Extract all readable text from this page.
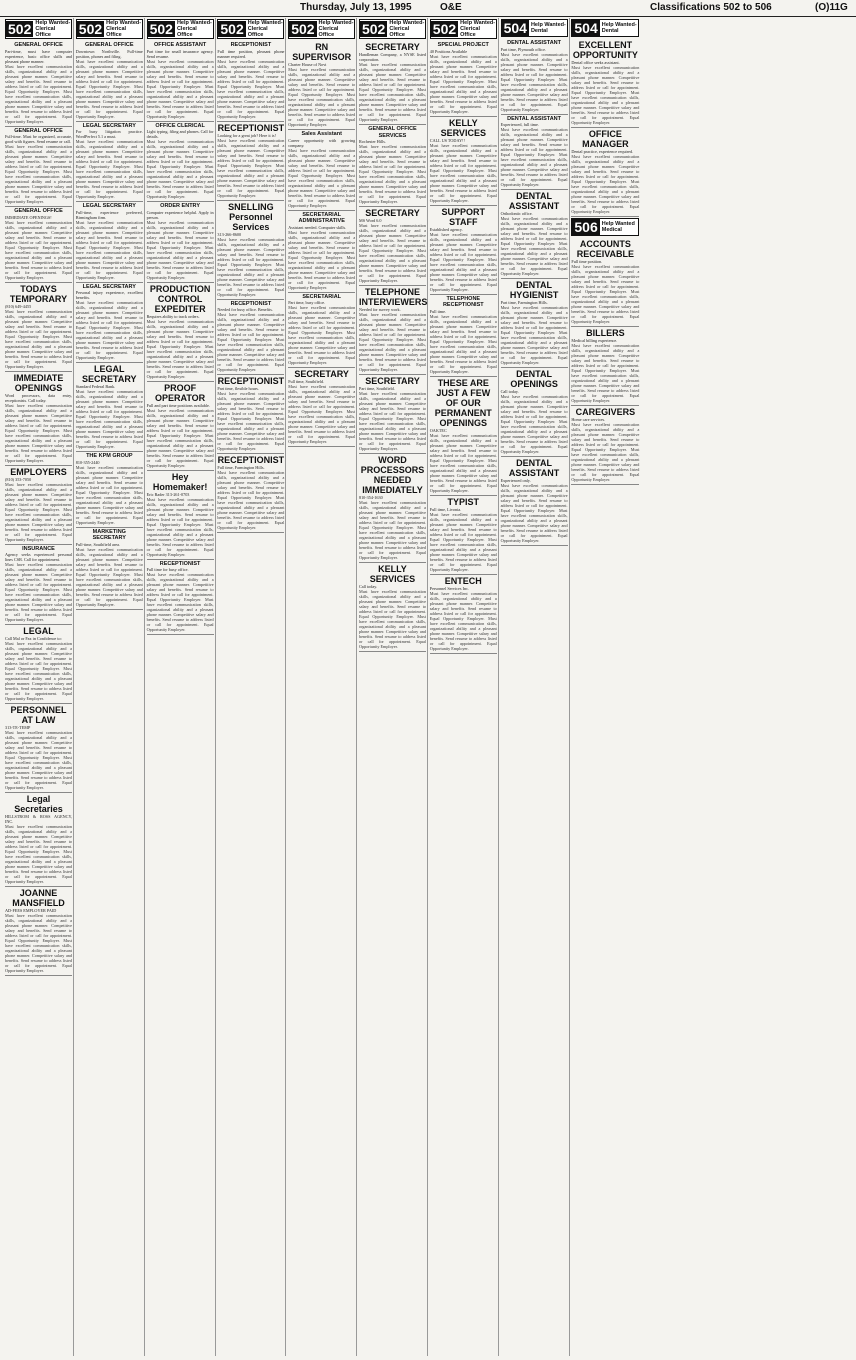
Thursday, July 13, 1995	O&E	Classifications 502 to 506	(O)11G
502 Help Wanted-Clerical Office
GENERAL OFFICE
Part-time, must have computer experience, basic office skills and pleasant phone manner.
Must have excellent communication skills, organizational ability and a pleasant phone manner. Competitive salary and benefits. Send resume to address listed or call for appointment. Equal Opportunity Employer. Must have excellent communication skills, organizational ability and a pleasant phone manner. Competitive salary and benefits. Send resume to address listed or call for appointment. Equal Opportunity Employer.
GENERAL OFFICE
Full-time. Must be organized, accurate, good with figures. Send resume or call.
Must have excellent communication skills, organizational ability and a pleasant phone manner. Competitive salary and benefits. Send resume to address listed or call for appointment. Equal Opportunity Employer. Must have excellent communication skills, organizational ability and a pleasant phone manner. Competitive salary and benefits. Send resume to address listed or call for appointment. Equal Opportunity Employer.
GENERAL OFFICE
IMMEDIATE OPENINGS!
Must have excellent communication skills, organizational ability and a pleasant phone manner. Competitive salary and benefits. Send resume to address listed or call for appointment. Equal Opportunity Employer. Must have excellent communication skills, organizational ability and a pleasant phone manner. Competitive salary and benefits. Send resume to address listed or call for appointment. Equal Opportunity Employer.
TODAYS TEMPORARY
(810) 649-4455
Must have excellent communication skills, organizational ability and a pleasant phone manner. Competitive salary and benefits. Send resume to address listed or call for appointment. Equal Opportunity Employer. Must have excellent communication skills, organizational ability and a pleasant phone manner. Competitive salary and benefits. Send resume to address listed or call for appointment. Equal Opportunity Employer.
IMMEDIATE OPENINGS
Word processors, data entry, receptionists. Call today.
Must have excellent communication skills, organizational ability and a pleasant phone manner. Competitive salary and benefits. Send resume to address listed or call for appointment. Equal Opportunity Employer. Must have excellent communication skills, organizational ability and a pleasant phone manner. Competitive salary and benefits. Send resume to address listed or call for appointment. Equal Opportunity Employer.
EMPLOYERS
(810) 353-7050
Must have excellent communication skills, organizational ability and a pleasant phone manner. Competitive salary and benefits. Send resume to address listed or call for appointment. Equal Opportunity Employer. Must have excellent communication skills, organizational ability and a pleasant phone manner. Competitive salary and benefits. Send resume to address listed or call for appointment. Equal Opportunity Employer.
INSURANCE
Agency seeks experienced personal lines CSR. Call for appointment.
Must have excellent communication skills, organizational ability and a pleasant phone manner. Competitive salary and benefits. Send resume to address listed or call for appointment. Equal Opportunity Employer. Must have excellent communication skills, organizational ability and a pleasant phone manner. Competitive salary and benefits. Send resume to address listed or call for appointment. Equal Opportunity Employer.
LEGAL
Call Mal or Fax in Confidence to:
Must have excellent communication skills, organizational ability and a pleasant phone manner. Competitive salary and benefits. Send resume to address listed or call for appointment. Equal Opportunity Employer. Must have excellent communication skills, organizational ability and a pleasant phone manner. Competitive salary and benefits. Send resume to address listed or call for appointment. Equal Opportunity Employer.
PERSONNEL AT LAW
313-TE-TEMP
Must have excellent communication skills, organizational ability and a pleasant phone manner. Competitive salary and benefits. Send resume to address listed or call for appointment. Equal Opportunity Employer. Must have excellent communication skills, organizational ability and a pleasant phone manner. Competitive salary and benefits. Send resume to address listed or call for appointment. Equal Opportunity Employer.
Legal Secretaries
HILLSTROM & ROSS AGENCY, INC.
Must have excellent communication skills, organizational ability and a pleasant phone manner. Competitive salary and benefits. Send resume to address listed or call for appointment. Equal Opportunity Employer. Must have excellent communication skills, organizational ability and a pleasant phone manner. Competitive salary and benefits. Send resume to address listed or call for appointment. Equal Opportunity Employer.
JOANNE MANSFIELD
AD-FEES EMPLOYER PAID
Must have excellent communication skills, organizational ability and a pleasant phone manner. Competitive salary and benefits. Send resume to address listed or call for appointment. Equal Opportunity Employer. Must have excellent communication skills, organizational ability and a pleasant phone manner. Competitive salary and benefits. Send resume to address listed or call for appointment. Equal Opportunity Employer.
502 Help Wanted-Clerical Office
GENERAL OFFICE
Downtown Northville. Full-time position, phones and filing.
Must have excellent communication skills, organizational ability and a pleasant phone manner. Competitive salary and benefits. Send resume to address listed or call for appointment. Equal Opportunity Employer. Must have excellent communication skills, organizational ability and a pleasant phone manner. Competitive salary and benefits. Send resume to address listed or call for appointment. Equal Opportunity Employer.
LEGAL SECRETARY
For busy litigation practice. WordPerfect 5.1 a must.
Must have excellent communication skills, organizational ability and a pleasant phone manner. Competitive salary and benefits. Send resume to address listed or call for appointment. Equal Opportunity Employer. Must have excellent communication skills, organizational ability and a pleasant phone manner. Competitive salary and benefits. Send resume to address listed or call for appointment. Equal Opportunity Employer.
LEGAL SECRETARY
Full-time, experience preferred, Birmingham firm.
Must have excellent communication skills, organizational ability and a pleasant phone manner. Competitive salary and benefits. Send resume to address listed or call for appointment. Equal Opportunity Employer. Must have excellent communication skills, organizational ability and a pleasant phone manner. Competitive salary and benefits. Send resume to address listed or call for appointment. Equal Opportunity Employer.
LEGAL SECRETARY
Personal injury experience, excellent benefits.
Must have excellent communication skills, organizational ability and a pleasant phone manner. Competitive salary and benefits. Send resume to address listed or call for appointment. Equal Opportunity Employer. Must have excellent communication skills, organizational ability and a pleasant phone manner. Competitive salary and benefits. Send resume to address listed or call for appointment. Equal Opportunity Employer.
LEGAL SECRETARY
Standard Federal Bank.
Must have excellent communication skills, organizational ability and a pleasant phone manner. Competitive salary and benefits. Send resume to address listed or call for appointment. Equal Opportunity Employer. Must have excellent communication skills, organizational ability and a pleasant phone manner. Competitive salary and benefits. Send resume to address listed or call for appointment. Equal Opportunity Employer.
THE KPM GROUP
810-355-2440
Must have excellent communication skills, organizational ability and a pleasant phone manner. Competitive salary and benefits. Send resume to address listed or call for appointment. Equal Opportunity Employer. Must have excellent communication skills, organizational ability and a pleasant phone manner. Competitive salary and benefits. Send resume to address listed or call for appointment. Equal Opportunity Employer.
MARKETING SECRETARY
Full-time, Southfield area.
Must have excellent communication skills, organizational ability and a pleasant phone manner. Competitive salary and benefits. Send resume to address listed or call for appointment. Equal Opportunity Employer. Must have excellent communication skills, organizational ability and a pleasant phone manner. Competitive salary and benefits. Send resume to address listed or call for appointment. Equal Opportunity Employer.
502 Help Wanted-Clerical Office
OFFICE ASSISTANT
Part time for small insurance agency. Send resume.
Must have excellent communication skills, organizational ability and a pleasant phone manner. Competitive salary and benefits. Send resume to address listed or call for appointment. Equal Opportunity Employer. Must have excellent communication skills, organizational ability and a pleasant phone manner. Competitive salary and benefits. Send resume to address listed or call for appointment. Equal Opportunity Employer.
OFFICE CLERICAL
Light typing, filing and phones. Call for details.
Must have excellent communication skills, organizational ability and a pleasant phone manner. Competitive salary and benefits. Send resume to address listed or call for appointment. Equal Opportunity Employer. Must have excellent communication skills, organizational ability and a pleasant phone manner. Competitive salary and benefits. Send resume to address listed or call for appointment. Equal Opportunity Employer.
ORDER ENTRY
Computer experience helpful. Apply in person.
Must have excellent communication skills, organizational ability and a pleasant phone manner. Competitive salary and benefits. Send resume to address listed or call for appointment. Equal Opportunity Employer. Must have excellent communication skills, organizational ability and a pleasant phone manner. Competitive salary and benefits. Send resume to address listed or call for appointment. Equal Opportunity Employer.
PRODUCTION CONTROL EXPEDITER
Requires ability to track orders.
Must have excellent communication skills, organizational ability and a pleasant phone manner. Competitive salary and benefits. Send resume to address listed or call for appointment. Equal Opportunity Employer. Must have excellent communication skills, organizational ability and a pleasant phone manner. Competitive salary and benefits. Send resume to address listed or call for appointment. Equal Opportunity Employer.
PROOF OPERATOR
Full and part time positions available.
Must have excellent communication skills, organizational ability and a pleasant phone manner. Competitive salary and benefits. Send resume to address listed or call for appointment. Equal Opportunity Employer. Must have excellent communication skills, organizational ability and a pleasant phone manner. Competitive salary and benefits. Send resume to address listed or call for appointment. Equal Opportunity Employer.
Hey Homemaker!
Eric Rader 313-261-0703
Must have excellent communication skills, organizational ability and a pleasant phone manner. Competitive salary and benefits. Send resume to address listed or call for appointment. Equal Opportunity Employer. Must have excellent communication skills, organizational ability and a pleasant phone manner. Competitive salary and benefits. Send resume to address listed or call for appointment. Equal Opportunity Employer.
RECEPTIONIST
Full time for busy office.
Must have excellent communication skills, organizational ability and a pleasant phone manner. Competitive salary and benefits. Send resume to address listed or call for appointment. Equal Opportunity Employer. Must have excellent communication skills, organizational ability and a pleasant phone manner. Competitive salary and benefits. Send resume to address listed or call for appointment. Equal Opportunity Employer.
502 Help Wanted-Clerical Office
RECEPTIONIST
Full time position, pleasant phone manner required.
Must have excellent communication skills, organizational ability and a pleasant phone manner. Competitive salary and benefits. Send resume to address listed or call for appointment. Equal Opportunity Employer. Must have excellent communication skills, organizational ability and a pleasant phone manner. Competitive salary and benefits. Send resume to address listed or call for appointment. Equal Opportunity Employer.
RECEPTIONIST
Looking for a great job? Here it is!
Must have excellent communication skills, organizational ability and a pleasant phone manner. Competitive salary and benefits. Send resume to address listed or call for appointment. Equal Opportunity Employer. Must have excellent communication skills, organizational ability and a pleasant phone manner. Competitive salary and benefits. Send resume to address listed or call for appointment. Equal Opportunity Employer.
SNELLING Personnel Services
313-266-8600
Must have excellent communication skills, organizational ability and a pleasant phone manner. Competitive salary and benefits. Send resume to address listed or call for appointment. Equal Opportunity Employer. Must have excellent communication skills, organizational ability and a pleasant phone manner. Competitive salary and benefits. Send resume to address listed or call for appointment. Equal Opportunity Employer.
RECEPTIONIST
Needed for busy office. Benefits.
Must have excellent communication skills, organizational ability and a pleasant phone manner. Competitive salary and benefits. Send resume to address listed or call for appointment. Equal Opportunity Employer. Must have excellent communication skills, organizational ability and a pleasant phone manner. Competitive salary and benefits. Send resume to address listed or call for appointment. Equal Opportunity Employer.
RECEPTIONIST
Part time, flexible hours.
Must have excellent communication skills, organizational ability and a pleasant phone manner. Competitive salary and benefits. Send resume to address listed or call for appointment. Equal Opportunity Employer. Must have excellent communication skills, organizational ability and a pleasant phone manner. Competitive salary and benefits. Send resume to address listed or call for appointment. Equal Opportunity Employer.
RECEPTIONIST
Full time, Farmington Hills.
Must have excellent communication skills, organizational ability and a pleasant phone manner. Competitive salary and benefits. Send resume to address listed or call for appointment. Equal Opportunity Employer. Must have excellent communication skills, organizational ability and a pleasant phone manner. Competitive salary and benefits. Send resume to address listed or call for appointment. Equal Opportunity Employer.
502 Help Wanted-Clerical Office
RN SUPERVISOR
Charter House of Novi
Must have excellent communication skills, organizational ability and a pleasant phone manner. Competitive salary and benefits. Send resume to address listed or call for appointment. Equal Opportunity Employer. Must have excellent communication skills, organizational ability and a pleasant phone manner. Competitive salary and benefits. Send resume to address listed or call for appointment. Equal Opportunity Employer.
Sales Assistant
Career opportunity with growing company.
Must have excellent communication skills, organizational ability and a pleasant phone manner. Competitive salary and benefits. Send resume to address listed or call for appointment. Equal Opportunity Employer. Must have excellent communication skills, organizational ability and a pleasant phone manner. Competitive salary and benefits. Send resume to address listed or call for appointment. Equal Opportunity Employer.
SECRETARIAL ADMINISTRATIVE
Assistant needed. Computer skills.
Must have excellent communication skills, organizational ability and a pleasant phone manner. Competitive salary and benefits. Send resume to address listed or call for appointment. Equal Opportunity Employer. Must have excellent communication skills, organizational ability and a pleasant phone manner. Competitive salary and benefits. Send resume to address listed or call for appointment. Equal Opportunity Employer.
SECRETARIAL
Part time, busy office.
Must have excellent communication skills, organizational ability and a pleasant phone manner. Competitive salary and benefits. Send resume to address listed or call for appointment. Equal Opportunity Employer. Must have excellent communication skills, organizational ability and a pleasant phone manner. Competitive salary and benefits. Send resume to address listed or call for appointment. Equal Opportunity Employer.
SECRETARY
Full time, Southfield.
Must have excellent communication skills, organizational ability and a pleasant phone manner. Competitive salary and benefits. Send resume to address listed or call for appointment. Equal Opportunity Employer. Must have excellent communication skills, organizational ability and a pleasant phone manner. Competitive salary and benefits. Send resume to address listed or call for appointment. Equal Opportunity Employer.
502 Help Wanted-Clerical Office
SECRETARY
Handleman Company, a NYSE listed corporation.
Must have excellent communication skills, organizational ability and a pleasant phone manner. Competitive salary and benefits. Send resume to address listed or call for appointment. Equal Opportunity Employer. Must have excellent communication skills, organizational ability and a pleasant phone manner. Competitive salary and benefits. Send resume to address listed or call for appointment. Equal Opportunity Employer.
GENERAL OFFICE SERVICES
Rochester Hills.
Must have excellent communication skills, organizational ability and a pleasant phone manner. Competitive salary and benefits. Send resume to address listed or call for appointment. Equal Opportunity Employer. Must have excellent communication skills, organizational ability and a pleasant phone manner. Competitive salary and benefits. Send resume to address listed or call for appointment. Equal Opportunity Employer.
SECRETARY
MS Word 6.0
Must have excellent communication skills, organizational ability and a pleasant phone manner. Competitive salary and benefits. Send resume to address listed or call for appointment. Equal Opportunity Employer. Must have excellent communication skills, organizational ability and a pleasant phone manner. Competitive salary and benefits. Send resume to address listed or call for appointment. Equal Opportunity Employer.
TELEPHONE INTERVIEWERS
Needed for survey work.
Must have excellent communication skills, organizational ability and a pleasant phone manner. Competitive salary and benefits. Send resume to address listed or call for appointment. Equal Opportunity Employer. Must have excellent communication skills, organizational ability and a pleasant phone manner. Competitive salary and benefits. Send resume to address listed or call for appointment. Equal Opportunity Employer.
SECRETARY
Part time, Southfield.
Must have excellent communication skills, organizational ability and a pleasant phone manner. Competitive salary and benefits. Send resume to address listed or call for appointment. Equal Opportunity Employer. Must have excellent communication skills, organizational ability and a pleasant phone manner. Competitive salary and benefits. Send resume to address listed or call for appointment. Equal Opportunity Employer.
WORD PROCESSORS NEEDED IMMEDIATELY
810-354-1630
Must have excellent communication skills, organizational ability and a pleasant phone manner. Competitive salary and benefits. Send resume to address listed or call for appointment. Equal Opportunity Employer. Must have excellent communication skills, organizational ability and a pleasant phone manner. Competitive salary and benefits. Send resume to address listed or call for appointment. Equal Opportunity Employer.
KELLY SERVICES
Call today.
Must have excellent communication skills, organizational ability and a pleasant phone manner. Competitive salary and benefits. Send resume to address listed or call for appointment. Equal Opportunity Employer. Must have excellent communication skills, organizational ability and a pleasant phone manner. Competitive salary and benefits. Send resume to address listed or call for appointment. Equal Opportunity Employer.
502 Help Wanted-Clerical Office
SPECIAL PROJECT
40 Positions Available
Must have excellent communication skills, organizational ability and a pleasant phone manner. Competitive salary and benefits. Send resume to address listed or call for appointment. Equal Opportunity Employer. Must have excellent communication skills, organizational ability and a pleasant phone manner. Competitive salary and benefits. Send resume to address listed or call for appointment. Equal Opportunity Employer.
KELLY SERVICES
CALL US TODAY!!
Must have excellent communication skills, organizational ability and a pleasant phone manner. Competitive salary and benefits. Send resume to address listed or call for appointment. Equal Opportunity Employer. Must have excellent communication skills, organizational ability and a pleasant phone manner. Competitive salary and benefits. Send resume to address listed or call for appointment. Equal Opportunity Employer.
SUPPORT STAFF
Established agency.
Must have excellent communication skills, organizational ability and a pleasant phone manner. Competitive salary and benefits. Send resume to address listed or call for appointment. Equal Opportunity Employer. Must have excellent communication skills, organizational ability and a pleasant phone manner. Competitive salary and benefits. Send resume to address listed or call for appointment. Equal Opportunity Employer.
TELEPHONE RECEPTIONIST
Full time.
Must have excellent communication skills, organizational ability and a pleasant phone manner. Competitive salary and benefits. Send resume to address listed or call for appointment. Equal Opportunity Employer. Must have excellent communication skills, organizational ability and a pleasant phone manner. Competitive salary and benefits. Send resume to address listed or call for appointment. Equal Opportunity Employer.
THESE ARE JUST A FEW OF OUR PERMANENT OPENINGS
OAKTEC
Must have excellent communication skills, organizational ability and a pleasant phone manner. Competitive salary and benefits. Send resume to address listed or call for appointment. Equal Opportunity Employer. Must have excellent communication skills, organizational ability and a pleasant phone manner. Competitive salary and benefits. Send resume to address listed or call for appointment. Equal Opportunity Employer.
TYPIST
Full time, Livonia.
Must have excellent communication skills, organizational ability and a pleasant phone manner. Competitive salary and benefits. Send resume to address listed or call for appointment. Equal Opportunity Employer. Must have excellent communication skills, organizational ability and a pleasant phone manner. Competitive salary and benefits. Send resume to address listed or call for appointment. Equal Opportunity Employer.
ENTECH
Personnel Services Inc.
Must have excellent communication skills, organizational ability and a pleasant phone manner. Competitive salary and benefits. Send resume to address listed or call for appointment. Equal Opportunity Employer. Must have excellent communication skills, organizational ability and a pleasant phone manner. Competitive salary and benefits. Send resume to address listed or call for appointment. Equal Opportunity Employer.
504 Help Wanted-Dental
DENTAL ASSISTANT
Part time, Plymouth office.
Must have excellent communication skills, organizational ability and a pleasant phone manner. Competitive salary and benefits. Send resume to address listed or call for appointment. Equal Opportunity Employer. Must have excellent communication skills, organizational ability and a pleasant phone manner. Competitive salary and benefits. Send resume to address listed or call for appointment. Equal Opportunity Employer.
DENTAL ASSISTANT
Experienced, full time.
Must have excellent communication skills, organizational ability and a pleasant phone manner. Competitive salary and benefits. Send resume to address listed or call for appointment. Equal Opportunity Employer. Must have excellent communication skills, organizational ability and a pleasant phone manner. Competitive salary and benefits. Send resume to address listed or call for appointment. Equal Opportunity Employer.
DENTAL ASSISTANT
Orthodontic office.
Must have excellent communication skills, organizational ability and a pleasant phone manner. Competitive salary and benefits. Send resume to address listed or call for appointment. Equal Opportunity Employer. Must have excellent communication skills, organizational ability and a pleasant phone manner. Competitive salary and benefits. Send resume to address listed or call for appointment. Equal Opportunity Employer.
DENTAL HYGIENIST
Part time, Farmington Hills.
Must have excellent communication skills, organizational ability and a pleasant phone manner. Competitive salary and benefits. Send resume to address listed or call for appointment. Equal Opportunity Employer. Must have excellent communication skills, organizational ability and a pleasant phone manner. Competitive salary and benefits. Send resume to address listed or call for appointment. Equal Opportunity Employer.
DENTAL OPENINGS
Call today.
Must have excellent communication skills, organizational ability and a pleasant phone manner. Competitive salary and benefits. Send resume to address listed or call for appointment. Equal Opportunity Employer. Must have excellent communication skills, organizational ability and a pleasant phone manner. Competitive salary and benefits. Send resume to address listed or call for appointment. Equal Opportunity Employer.
DENTAL ASSISTANT
Experienced only.
Must have excellent communication skills, organizational ability and a pleasant phone manner. Competitive salary and benefits. Send resume to address listed or call for appointment. Equal Opportunity Employer. Must have excellent communication skills, organizational ability and a pleasant phone manner. Competitive salary and benefits. Send resume to address listed or call for appointment. Equal Opportunity Employer.
504 Help Wanted-Dental
EXCELLENT OPPORTUNITY
Dental office seeks assistant.
Must have excellent communication skills, organizational ability and a pleasant phone manner. Competitive salary and benefits. Send resume to address listed or call for appointment. Equal Opportunity Employer. Must have excellent communication skills, organizational ability and a pleasant phone manner. Competitive salary and benefits. Send resume to address listed or call for appointment. Equal Opportunity Employer.
OFFICE MANAGER
Dental practice, experience required.
Must have excellent communication skills, organizational ability and a pleasant phone manner. Competitive salary and benefits. Send resume to address listed or call for appointment. Equal Opportunity Employer. Must have excellent communication skills, organizational ability and a pleasant phone manner. Competitive salary and benefits. Send resume to address listed or call for appointment. Equal Opportunity Employer.
506 Help Wanted Medical
ACCOUNTS RECEIVABLE
Full time position.
Must have excellent communication skills, organizational ability and a pleasant phone manner. Competitive salary and benefits. Send resume to address listed or call for appointment. Equal Opportunity Employer. Must have excellent communication skills, organizational ability and a pleasant phone manner. Competitive salary and benefits. Send resume to address listed or call for appointment. Equal Opportunity Employer.
BILLERS
Medical billing experience.
Must have excellent communication skills, organizational ability and a pleasant phone manner. Competitive salary and benefits. Send resume to address listed or call for appointment. Equal Opportunity Employer. Must have excellent communication skills, organizational ability and a pleasant phone manner. Competitive salary and benefits. Send resume to address listed or call for appointment. Equal Opportunity Employer.
CAREGIVERS
Home care services.
Must have excellent communication skills, organizational ability and a pleasant phone manner. Competitive salary and benefits. Send resume to address listed or call for appointment. Equal Opportunity Employer. Must have excellent communication skills, organizational ability and a pleasant phone manner. Competitive salary and benefits. Send resume to address listed or call for appointment. Equal Opportunity Employer.
